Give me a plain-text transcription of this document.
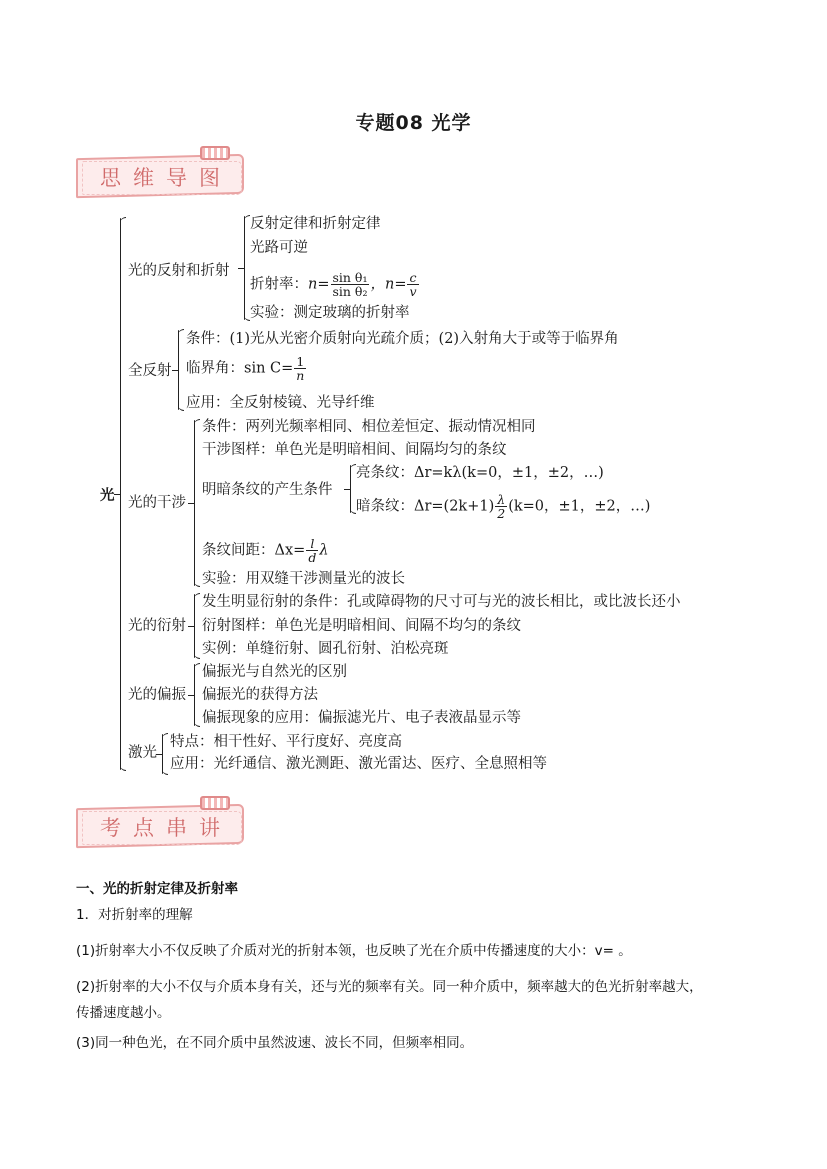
专题08 光学
思维导图
光
光的反射和折射
反射定律和折射定律
光路可逆
折射率：$n= \frac{\text{sin θ₁}}{\text{sin θ₂}}$ ，$n= \frac{c}{v}$
实验：测定玻璃的折射率
全反射
条件：(1)光从光密介质射向光疏介质；(2)入射角大于或等于临界角
临界角：$\sin C= \frac{1}{n}$
应用：全反射棱镜、光导纤维
光的干涉
条件：两列光频率相同、相位差恒定、振动情况相同
干涉图样：单色光是明暗相间、间隔均匀的条纹
明暗条纹的产生条件
亮条纹：Δr=kλ(k=0，±1，±2，…)
暗条纹：$\Delta r=(2k+1) \frac{\lambda}{2} (k=0$，±1，±2，…)
条纹间距：$\Delta x= \frac{l}{d}$ λ
实验：用双缝干涉测量光的波长
光的衍射
发生明显衍射的条件：孔或障碍物的尺寸可与光的波长相比，或比波长还小
衍射图样：单色光是明暗相间、间隔不均匀的条纹
实例：单缝衍射、圆孔衍射、泊松亮斑
光的偏振
偏振光与自然光的区别
偏振光的获得方法
偏振现象的应用：偏振滤光片、电子表液晶显示等
激光
特点：相干性好、平行度好、亮度高
应用：光纤通信、激光测距、激光雷达、医疗、全息照相等
考点串讲
一、光的折射定律及折射率
1．对折射率的理解
(1)折射率大小不仅反映了介质对光的折射本领，也反映了光在介质中传播速度的大小：v= 。
(2)折射率的大小不仅与介质本身有关，还与光的频率有关。同一种介质中，频率越大的色光折射率越大，
传播速度越小。
(3)同一种色光，在不同介质中虽然波速、波长不同，但频率相同。
